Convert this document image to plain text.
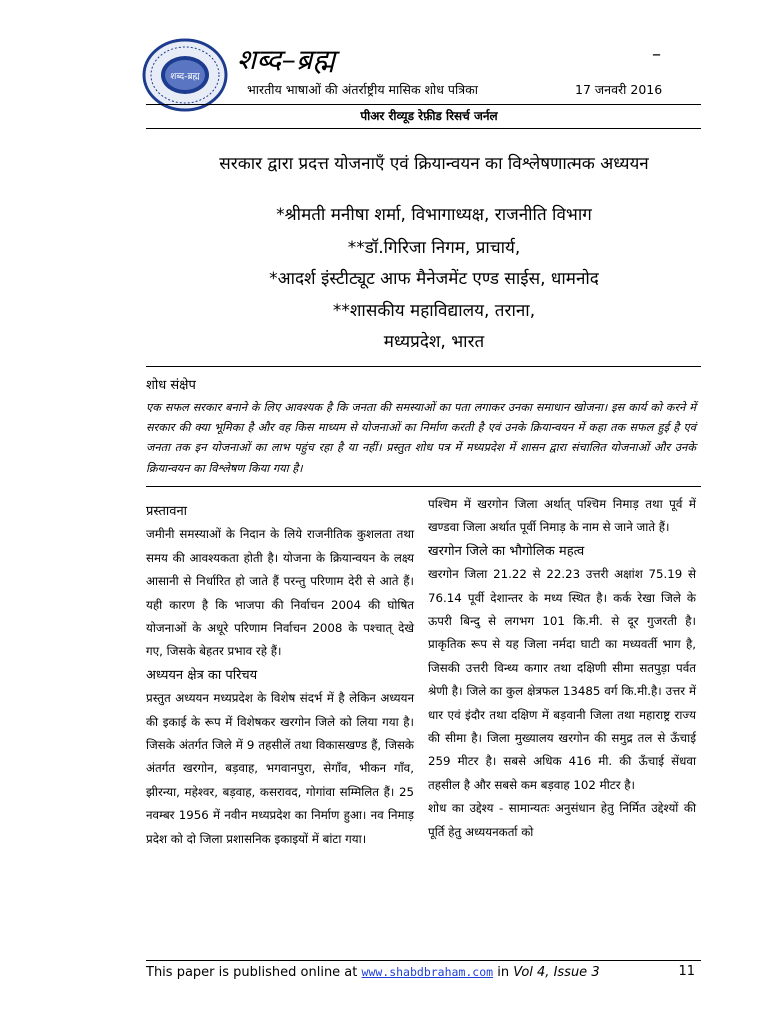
शब्द-ब्रह्म
शब्द–ब्रह्म	–
भारतीय भाषाओं की अंतर्राष्ट्रीय मासिक शोध पत्रिका	17 जनवरी 2016
पीअर रीव्यूड रेफ़ीड रिसर्च जर्नल
सरकार द्वारा प्रदत्त योजनाएँ एवं क्रियान्वयन का विश्लेषणात्मक अध्ययन
*श्रीमती मनीषा शर्मा, विभागाध्यक्ष, राजनीति विभाग
**डॉ.गिरिजा निगम, प्राचार्य,
*आदर्श इंस्टीट्यूट आफ मैनेजमेंट एण्ड साईस, धामनोद
**शासकीय महाविद्यालय, तराना,
मध्यप्रदेश, भारत
शोध संक्षेप

एक सफल सरकार बनाने के लिए आवश्यक है कि जनता की समस्याओं का पता लगाकर उनका समाधान खोजना। इस कार्य को करने में सरकार की क्या भूमिका है और वह किस माध्यम से योजनाओं का निर्माण करती है एवं उनके क्रियान्वयन में कहा तक सफल हुई है एवं जनता तक इन योजनाओं का लाभ पहुंच रहा है या नहीं। प्रस्तुत शोध पत्र में मध्यप्रदेश में शासन द्वारा संचालित योजनाओं और उनके क्रियान्वयन का विश्लेषण किया गया है।

प्रस्तावना

जमीनी समस्याओं के निदान के लिये राजनीतिक कुशलता तथा समय की आवश्यकता होती है। योजना के क्रियान्वयन के लक्ष्य आसानी से निर्धारित हो जाते हैं परन्तु परिणाम देरी से आते हैं। यही कारण है कि भाजपा की निर्वाचन 2004 की घोषित योजनाओं के अधूरे परिणाम निर्वाचन 2008 के पश्चात् देखे गए, जिसके बेहतर प्रभाव रहे हैं।

अध्ययन क्षेत्र का परिचय

प्रस्तुत अध्ययन मध्यप्रदेश के विशेष संदर्भ में है लेकिन अध्ययन की इकाई के रूप में विशेषकर खरगोन जिले को लिया गया है। जिसके अंतर्गत जिले में 9 तहसीलें तथा विकासखण्ड हैं, जिसके अंतर्गत खरगोन, बड़वाह, भगवानपुरा, सेगाँव, भीकन गाँव, झीरन्या, महेश्वर, बड़वाह, कसरावद, गोगांवा सम्मिलित हैं। 25 नवम्बर 1956 में नवीन मध्यप्रदेश का निर्माण हुआ। नव निमाड़ प्रदेश को दो जिला प्रशासनिक इकाइयों में बांटा गया।

पश्चिम में खरगोन जिला अर्थात् पश्चिम निमाड़ तथा पूर्व में खण्डवा जिला अर्थात पूर्वी निमाड़ के नाम से जाने जाते हैं।

खरगोन जिले का भौगोलिक महत्व

खरगोन जिला 21.22 से 22.23 उत्तरी अक्षांश 75.19 से 76.14 पूर्वी देशान्तर के मध्य स्थित है। कर्क रेखा जिले के ऊपरी बिन्दु से लगभग 101 कि.मी. से दूर गुजरती है। प्राकृतिक रूप से यह जिला नर्मदा घाटी का मध्यवर्ती भाग है, जिसकी उत्तरी विन्ध्य कगार तथा दक्षिणी सीमा सतपुड़ा पर्वत श्रेणी है। जिले का कुल क्षेत्रफल 13485 वर्ग कि.मी.है। उत्तर में धार एवं इंदौर तथा दक्षिण में बड़वानी जिला तथा महाराष्ट्र राज्य की सीमा है। जिला मुख्यालय खरगोन की समुद्र तल से ऊँचाई 259 मीटर है। सबसे अधिक 416 मी. की ऊँचाई सेंधवा तहसील है और सबसे कम बड़वाह 102 मीटर है।

शोध का उद्देश्य - सामान्यतः अनुसंधान हेतु निर्मित उद्देश्यों की पूर्ति हेतु अध्ययनकर्ता को

This paper is published online at www.shabdbraham.com in Vol 4, Issue 3	11
